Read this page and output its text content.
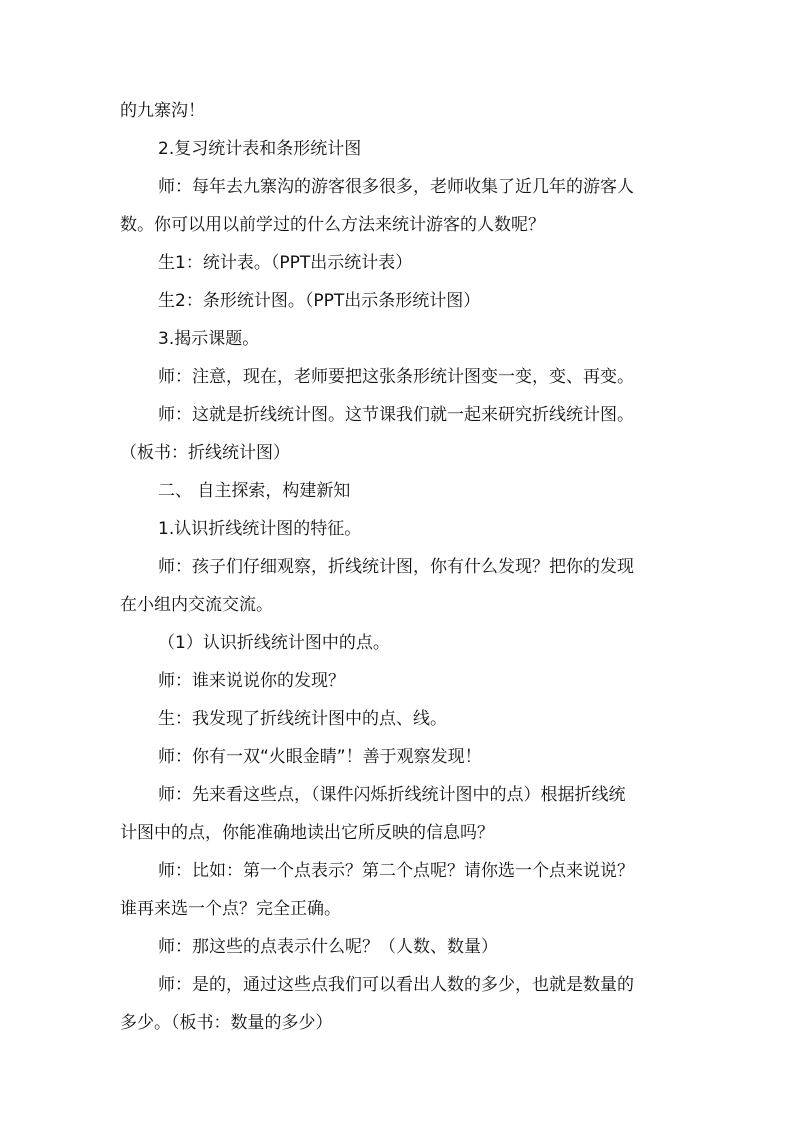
的九寨沟！
2.复习统计表和条形统计图
师：每年去九寨沟的游客很多很多，老师收集了近几年的游客人
数。你可以用以前学过的什么方法来统计游客的人数呢？
生1：统计表。（PPT出示统计表）
生2：条形统计图。（PPT出示条形统计图）
3.揭示课题。
师：注意，现在，老师要把这张条形统计图变一变，变、再变。
师：这就是折线统计图。这节课我们就一起来研究折线统计图。
（板书：折线统计图）
二、 自主探索，构建新知
1.认识折线统计图的特征。
师：孩子们仔细观察，折线统计图，你有什么发现？把你的发现
在小组内交流交流。
（1）认识折线统计图中的点。
师：谁来说说你的发现？
生：我发现了折线统计图中的点、线。
师：你有一双“火眼金睛”！善于观察发现！
师：先来看这些点，（课件闪烁折线统计图中的点）根据折线统
计图中的点，你能准确地读出它所反映的信息吗？
师：比如：第一个点表示？第二个点呢？请你选一个点来说说？
谁再来选一个点？完全正确。
师：那这些的点表示什么呢？（人数、数量）
师：是的，通过这些点我们可以看出人数的多少，也就是数量的
多少。（板书：数量的多少）
